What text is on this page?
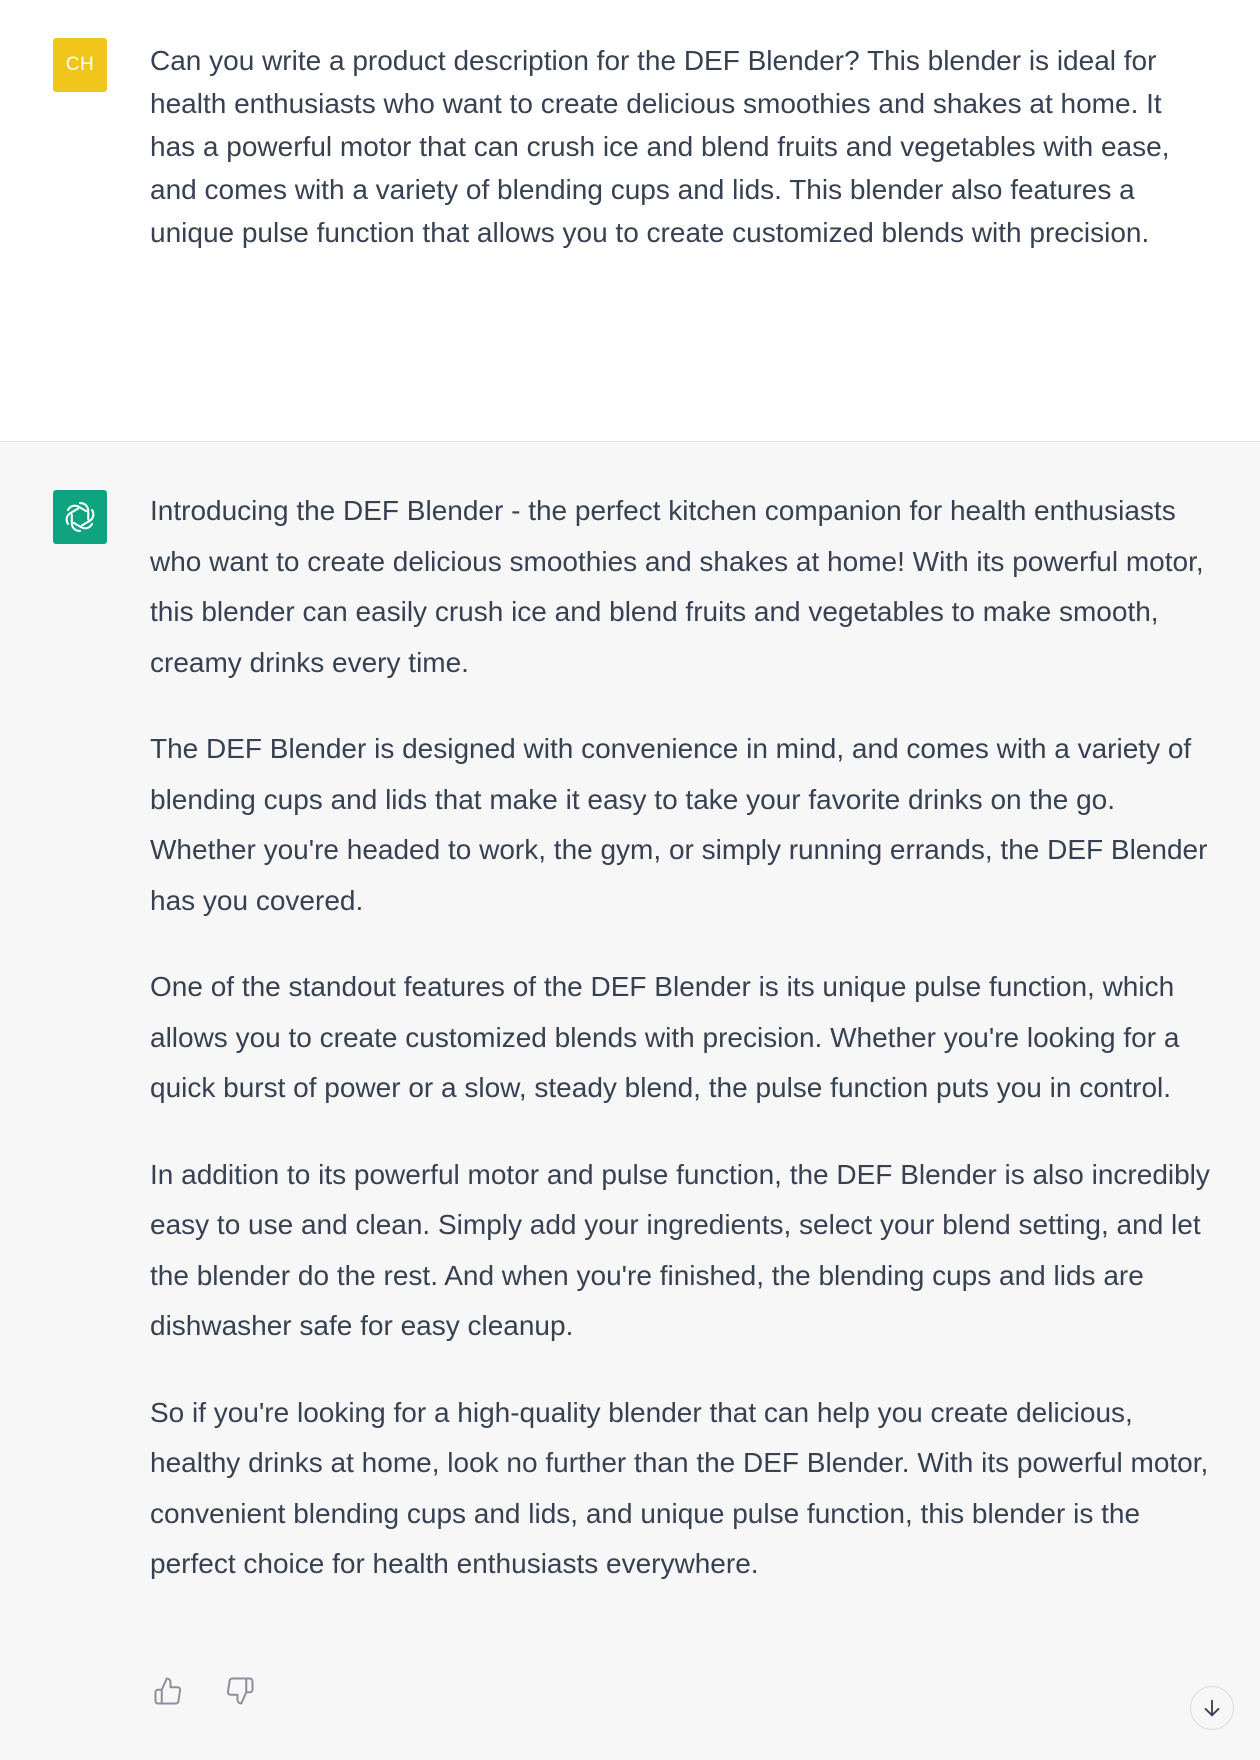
CH Can you write a product description for the DEF Blender? This blender is ideal for health enthusiasts who want to create delicious smoothies and shakes at home. It has a powerful motor that can crush ice and blend fruits and vegetables with ease, and comes with a variety of blending cups and lids. This blender also features a unique pulse function that allows you to create customized blends with precision.

Introducing the DEF Blender - the perfect kitchen companion for health enthusiasts who want to create delicious smoothies and shakes at home! With its powerful motor, this blender can easily crush ice and blend fruits and vegetables to make smooth, creamy drinks every time.

The DEF Blender is designed with convenience in mind, and comes with a variety of blending cups and lids that make it easy to take your favorite drinks on the go. Whether you're headed to work, the gym, or simply running errands, the DEF Blender has you covered.

One of the standout features of the DEF Blender is its unique pulse function, which allows you to create customized blends with precision. Whether you're looking for a quick burst of power or a slow, steady blend, the pulse function puts you in control.

In addition to its powerful motor and pulse function, the DEF Blender is also incredibly easy to use and clean. Simply add your ingredients, select your blend setting, and let the blender do the rest. And when you're finished, the blending cups and lids are dishwasher safe for easy cleanup.

So if you're looking for a high-quality blender that can help you create delicious, healthy drinks at home, look no further than the DEF Blender. With its powerful motor, convenient blending cups and lids, and unique pulse function, this blender is the perfect choice for health enthusiasts everywhere.
